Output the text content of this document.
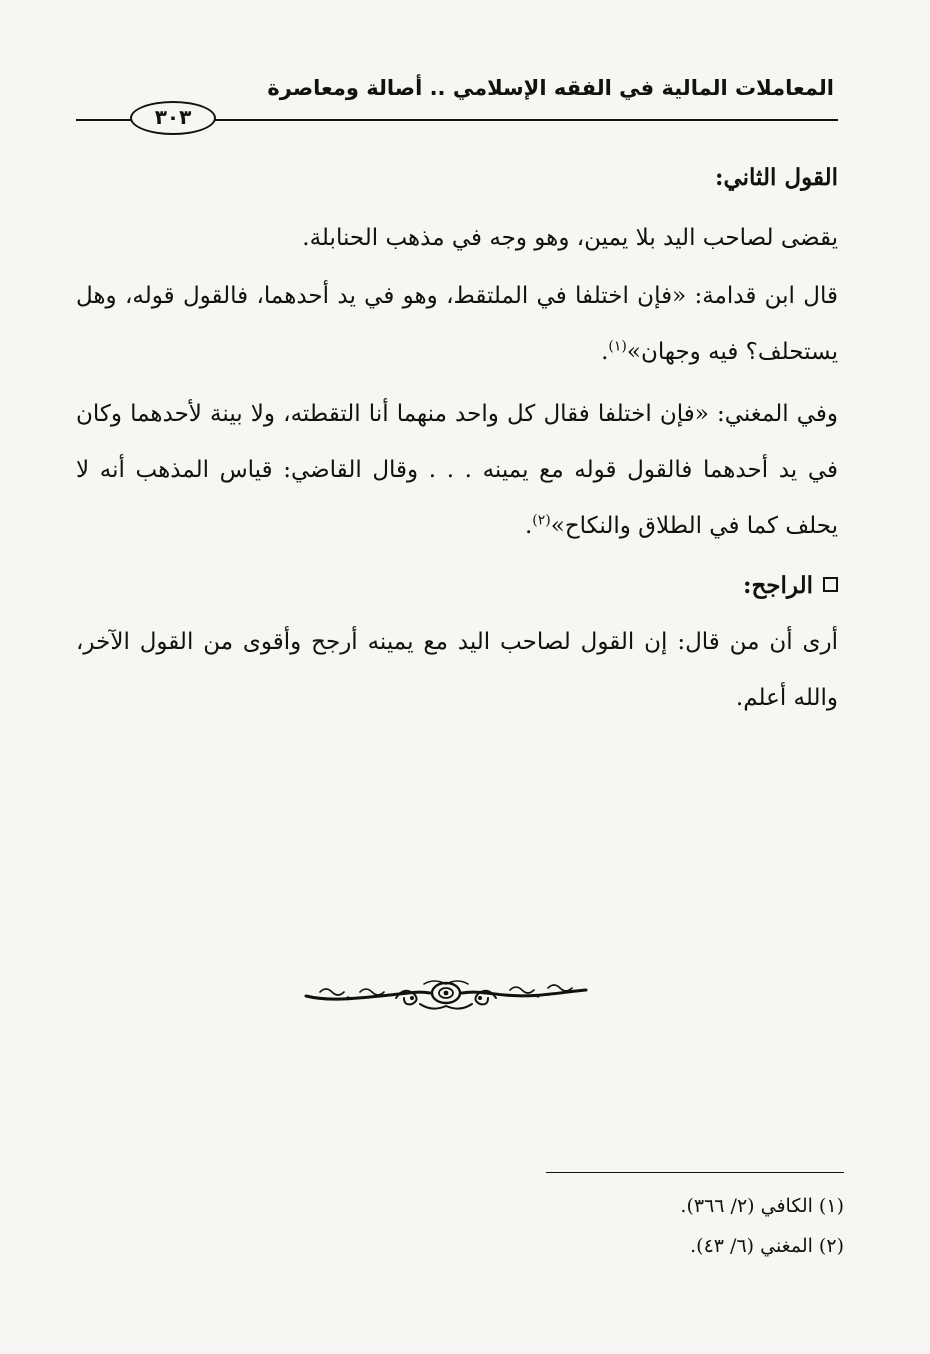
المعاملات المالية في الفقه الإسلامي .. أصالة ومعاصرة
٣٠٣

القول الثاني:

يقضى لصاحب اليد بلا يمين، وهو وجه في مذهب الحنابلة.

قال ابن قدامة: «فإن اختلفا في الملتقط، وهو في يد أحدهما، فالقول قوله، وهل يستحلف؟ فيه وجهان»$^{(١)}$.

وفي المغني: «فإن اختلفا فقال كل واحد منهما أنا التقطته، ولا بينة لأحدهما وكان في يد أحدهما فالقول قوله مع يمينه . . . وقال القاضي: قياس المذهب أنه لا يحلف كما في الطلاق والنكاح»$^{(٢)}$.

الراجح:

أرى أن من قال: إن القول لصاحب اليد مع يمينه أرجح وأقوى من القول الآخر، والله أعلم.

(١) الكافي (٢/ ٣٦٦).
(٢) المغني (٦/ ٤٣).
